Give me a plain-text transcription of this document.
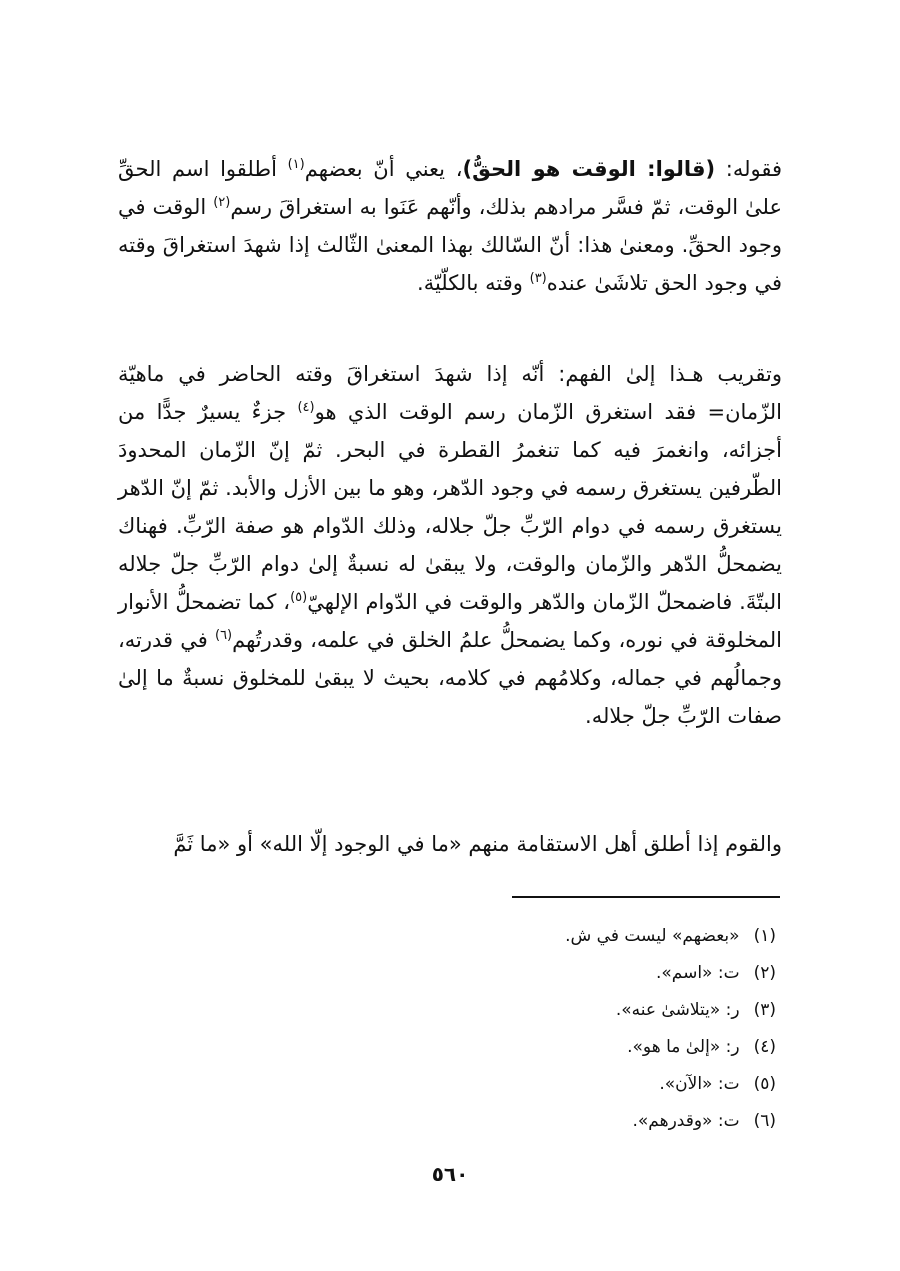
فقوله: (قالوا: الوقت هو الحقُّ)، يعني أنّ بعضهم$^{(١)}$ أطلقوا اسم الحقِّ علىٰ الوقت، ثمّ فسَّر مرادهم بذلك، وأنّهم عَنَوا به استغراقَ رسم$^{(٢)}$ الوقت في وجود الحقِّ. ومعنىٰ هذا: أنّ السّالك بهذا المعنىٰ الثّالث إذا شهدَ استغراقَ وقته في وجود الحق تلاشَىٰ عنده$^{(٣)}$ وقته بالكلّيّة.

وتقريب هـذا إلىٰ الفهم: أنّه إذا شهدَ استغراقَ وقته الحاضر في ماهيّة الزّمان= فقد استغرق الزّمان رسم الوقت الذي هو$^{(٤)}$ جزءٌ يسيرٌ جدًّا من أجزائه، وانغمرَ فيه كما تنغمرُ القطرة في البحر. ثمّ إنّ الزّمان المحدودَ الطّرفين يستغرق رسمه في وجود الدّهر، وهو ما بين الأزل والأبد. ثمّ إنّ الدّهر يستغرق رسمه في دوام الرّبِّ جلّ جلاله، وذلك الدّوام هو صفة الرّبِّ. فهناك يضمحلُّ الدّهر والزّمان والوقت، ولا يبقىٰ له نسبةٌ إلىٰ دوام الرّبِّ جلّ جلاله البتّةَ. فاضمحلّ الزّمان والدّهر والوقت في الدّوام الإلهيّ$^{(٥)}$، كما تضمحلُّ الأنوار المخلوقة في نوره، وكما يضمحلُّ علمُ الخلق في علمه، وقدرتُهم$^{(٦)}$ في قدرته، وجمالُهم في جماله، وكلامُهم في كلامه، بحيث لا يبقىٰ للمخلوق نسبةٌ ما إلىٰ صفات الرّبِّ جلّ جلاله.

والقوم إذا أطلق أهل الاستقامة منهم «ما في الوجود إلّا الله» أو «ما ثَمَّ

(١)«بعضهم» ليست في ش.
(٢)ت: «اسم».
(٣)ر: «يتلاشىٰ عنه».
(٤)ر: «إلىٰ ما هو».
(٥)ت: «الآن».
(٦)ت: «وقدرهم».
٥٦٠
